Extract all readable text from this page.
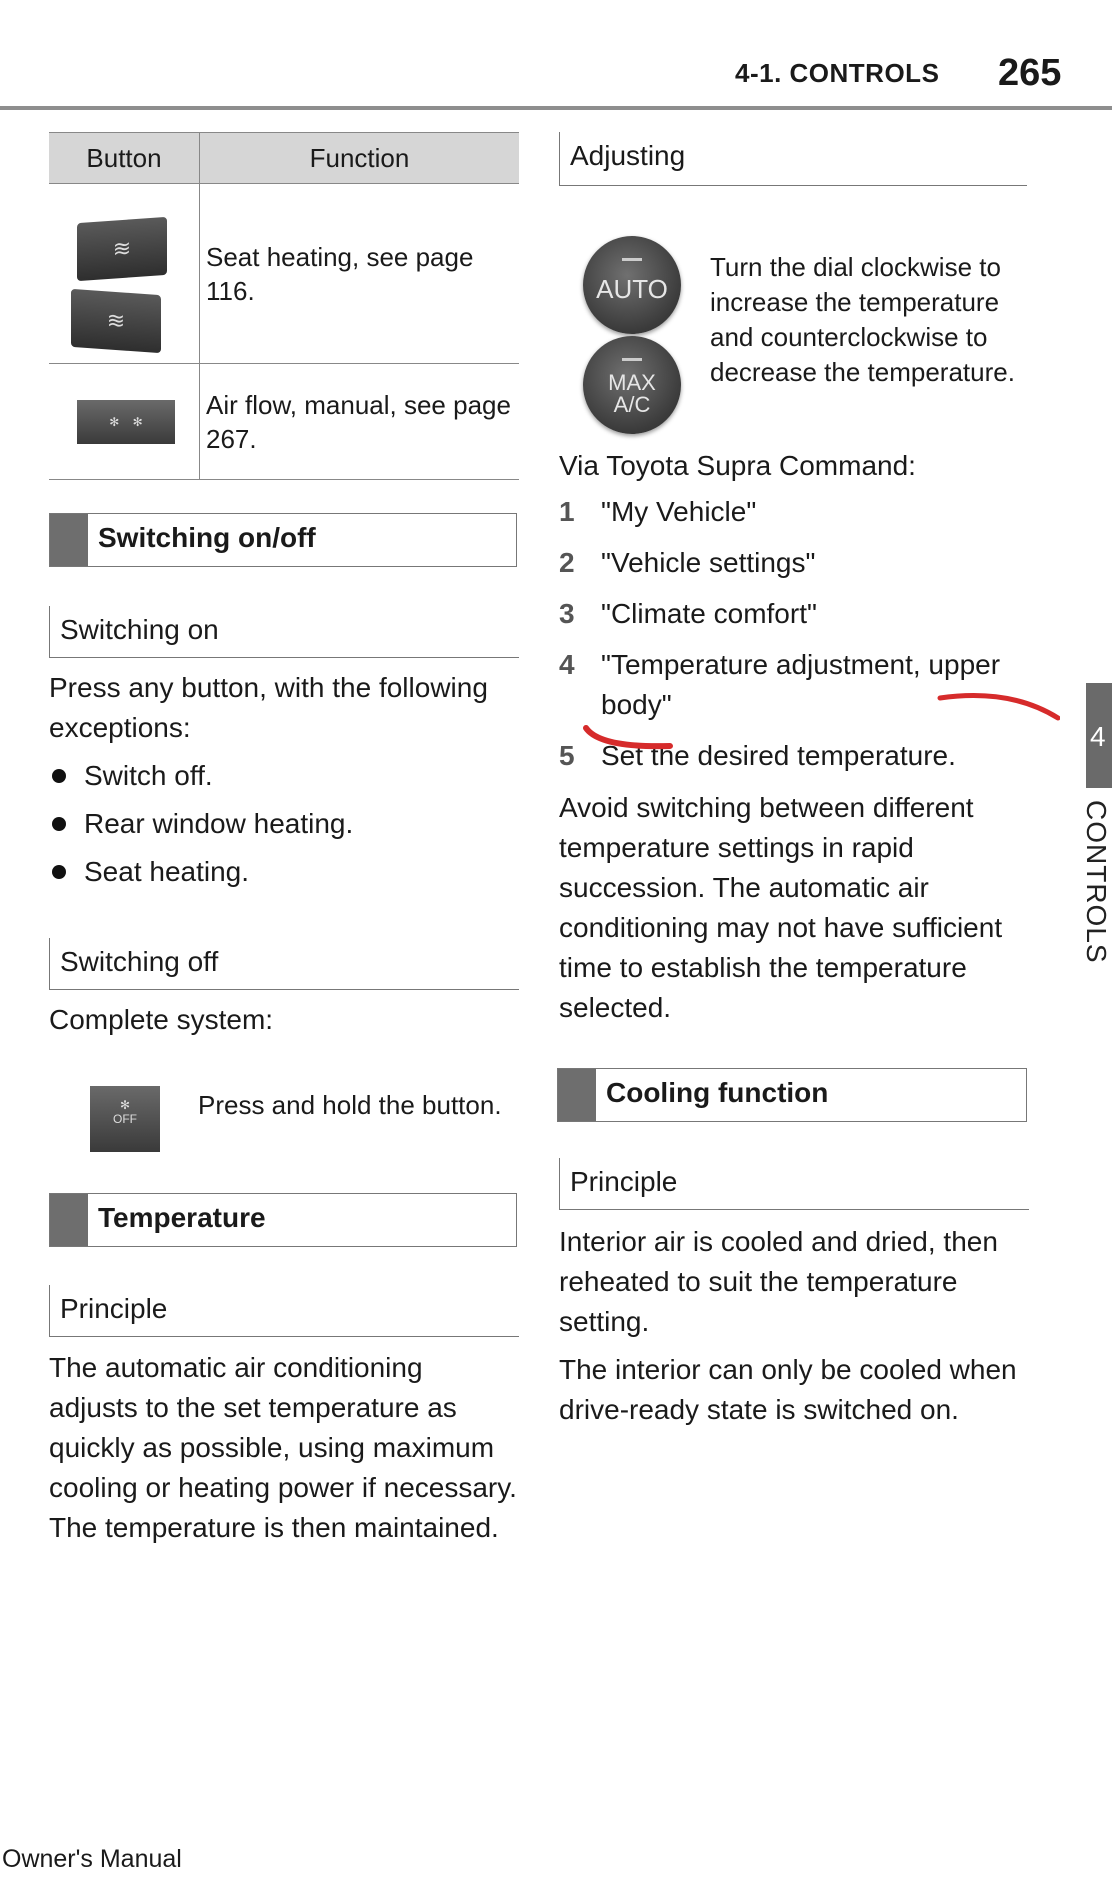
4-1. CONTROLS 265
Button	Function

≋
≋	Seat heating, see page 116.

✻    ✻	Air flow, manual, see page 267.
Switching on/off
Switching on
Press any button, with the following exceptions:
Switch off.
Rear window heating.
Seat heating.
Switching off
Complete system:
✻
OFF	Press and hold the button.
Temperature
Principle
The automatic air conditioning adjusts to the set temperature as quickly as possible, using maximum cooling or heating power if necessary. The temperature is then maintained.
Adjusting
AUTO
MAX
A/C
Turn the dial clockwise to increase the temperature and counterclockwise to decrease the temperature.
Via Toyota Supra Command:
1 "My Vehicle"
2 "Vehicle settings"
3 "Climate comfort"
4 "Temperature adjustment, upper body"
5 Set the desired temperature.
Avoid switching between different temperature settings in rapid succession. The automatic air conditioning may not have sufficient time to establish the temperature selected.
Cooling function
Principle
Interior air is cooled and dried, then reheated to suit the temperature setting.
The interior can only be cooled when drive-ready state is switched on.
4
CONTROLS
Owner's Manual
